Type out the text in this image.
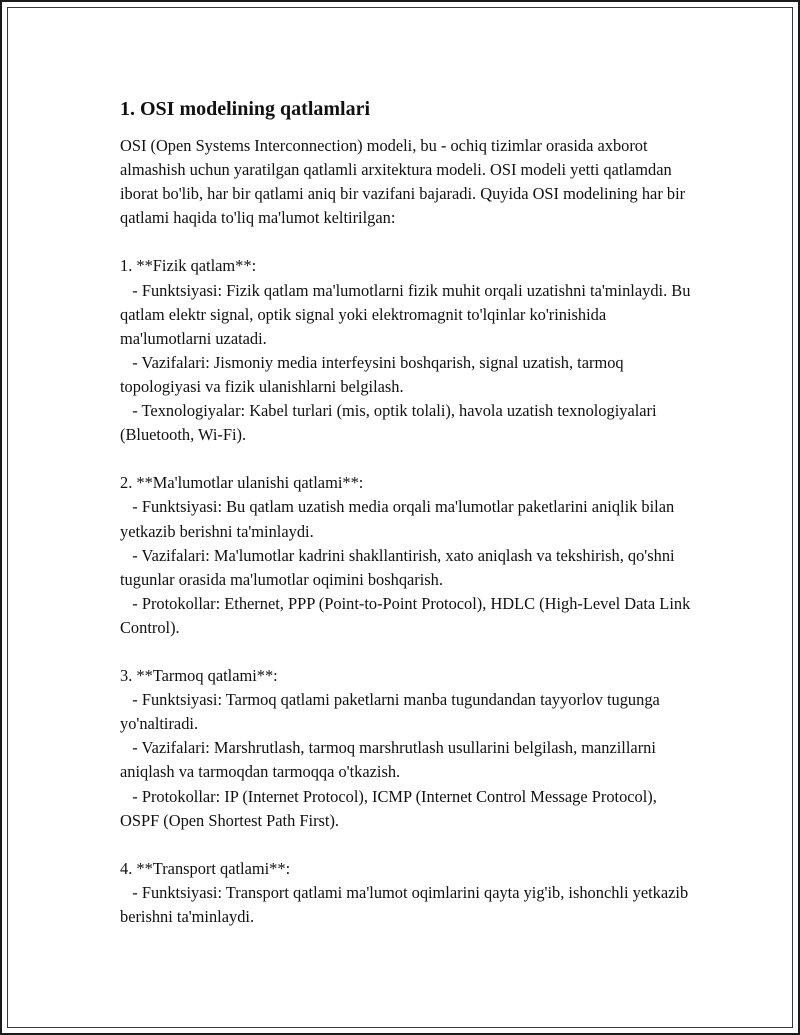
1. OSI modelining qatlamlari

OSI (Open Systems Interconnection) modeli, bu - ochiq tizimlar orasida axborot almashish uchun yaratilgan qatlamli arxitektura modeli. OSI modeli yetti qatlamdan iborat bo'lib, har bir qatlami aniq bir vazifani bajaradi. Quyida OSI modelining har bir qatlami haqida to'liq ma'lumot keltirilgan:

1. **Fizik qatlam**:

- Funktsiyasi: Fizik qatlam ma'lumotlarni fizik muhit orqali uzatishni ta'minlaydi. Bu qatlam elektr signal, optik signal yoki elektromagnit to'lqinlar ko'rinishida ma'lumotlarni uzatadi.

- Vazifalari: Jismoniy media interfeysini boshqarish, signal uzatish, tarmoq topologiyasi va fizik ulanishlarni belgilash.

- Texnologiyalar: Kabel turlari (mis, optik tolali), havola uzatish texnologiyalari (Bluetooth, Wi-Fi).

2. **Ma'lumotlar ulanishi qatlami**:

- Funktsiyasi: Bu qatlam uzatish media orqali ma'lumotlar paketlarini aniqlik bilan yetkazib berishni ta'minlaydi.

- Vazifalari: Ma'lumotlar kadrini shakllantirish, xato aniqlash va tekshirish, qo'shni tugunlar orasida ma'lumotlar oqimini boshqarish.

- Protokollar: Ethernet, PPP (Point-to-Point Protocol), HDLC (High-Level Data Link Control).

3. **Tarmoq qatlami**:

- Funktsiyasi: Tarmoq qatlami paketlarni manba tugundandan tayyorlov tugunga yo'naltiradi.

- Vazifalari: Marshrutlash, tarmoq marshrutlash usullarini belgilash, manzillarni aniqlash va tarmoqdan tarmoqqa o'tkazish.

- Protokollar: IP (Internet Protocol), ICMP (Internet Control Message Protocol), OSPF (Open Shortest Path First).

4. **Transport qatlami**:

- Funktsiyasi: Transport qatlami ma'lumot oqimlarini qayta yig'ib, ishonchli yetkazib berishni ta'minlaydi.
